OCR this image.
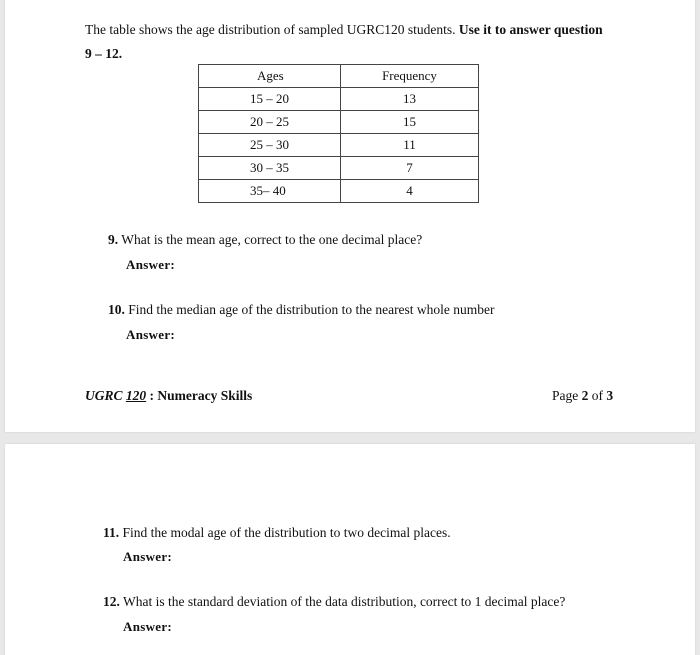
The table shows the age distribution of sampled UGRC120 students. Use it to answer question
9 – 12.
Ages	Frequency
15 – 20	13
20 – 25	15
25 – 30	11
30 – 35	7
35– 40	4
9. What is the mean age, correct to the one decimal place?
Answer:
10. Find the median age of the distribution to the nearest whole number
Answer:
UGRC 120 : Numeracy Skills	Page 2 of 3
11. Find the modal age of the distribution to two decimal places.
Answer:
12. What is the standard deviation of the data distribution, correct to 1 decimal place?
Answer:
